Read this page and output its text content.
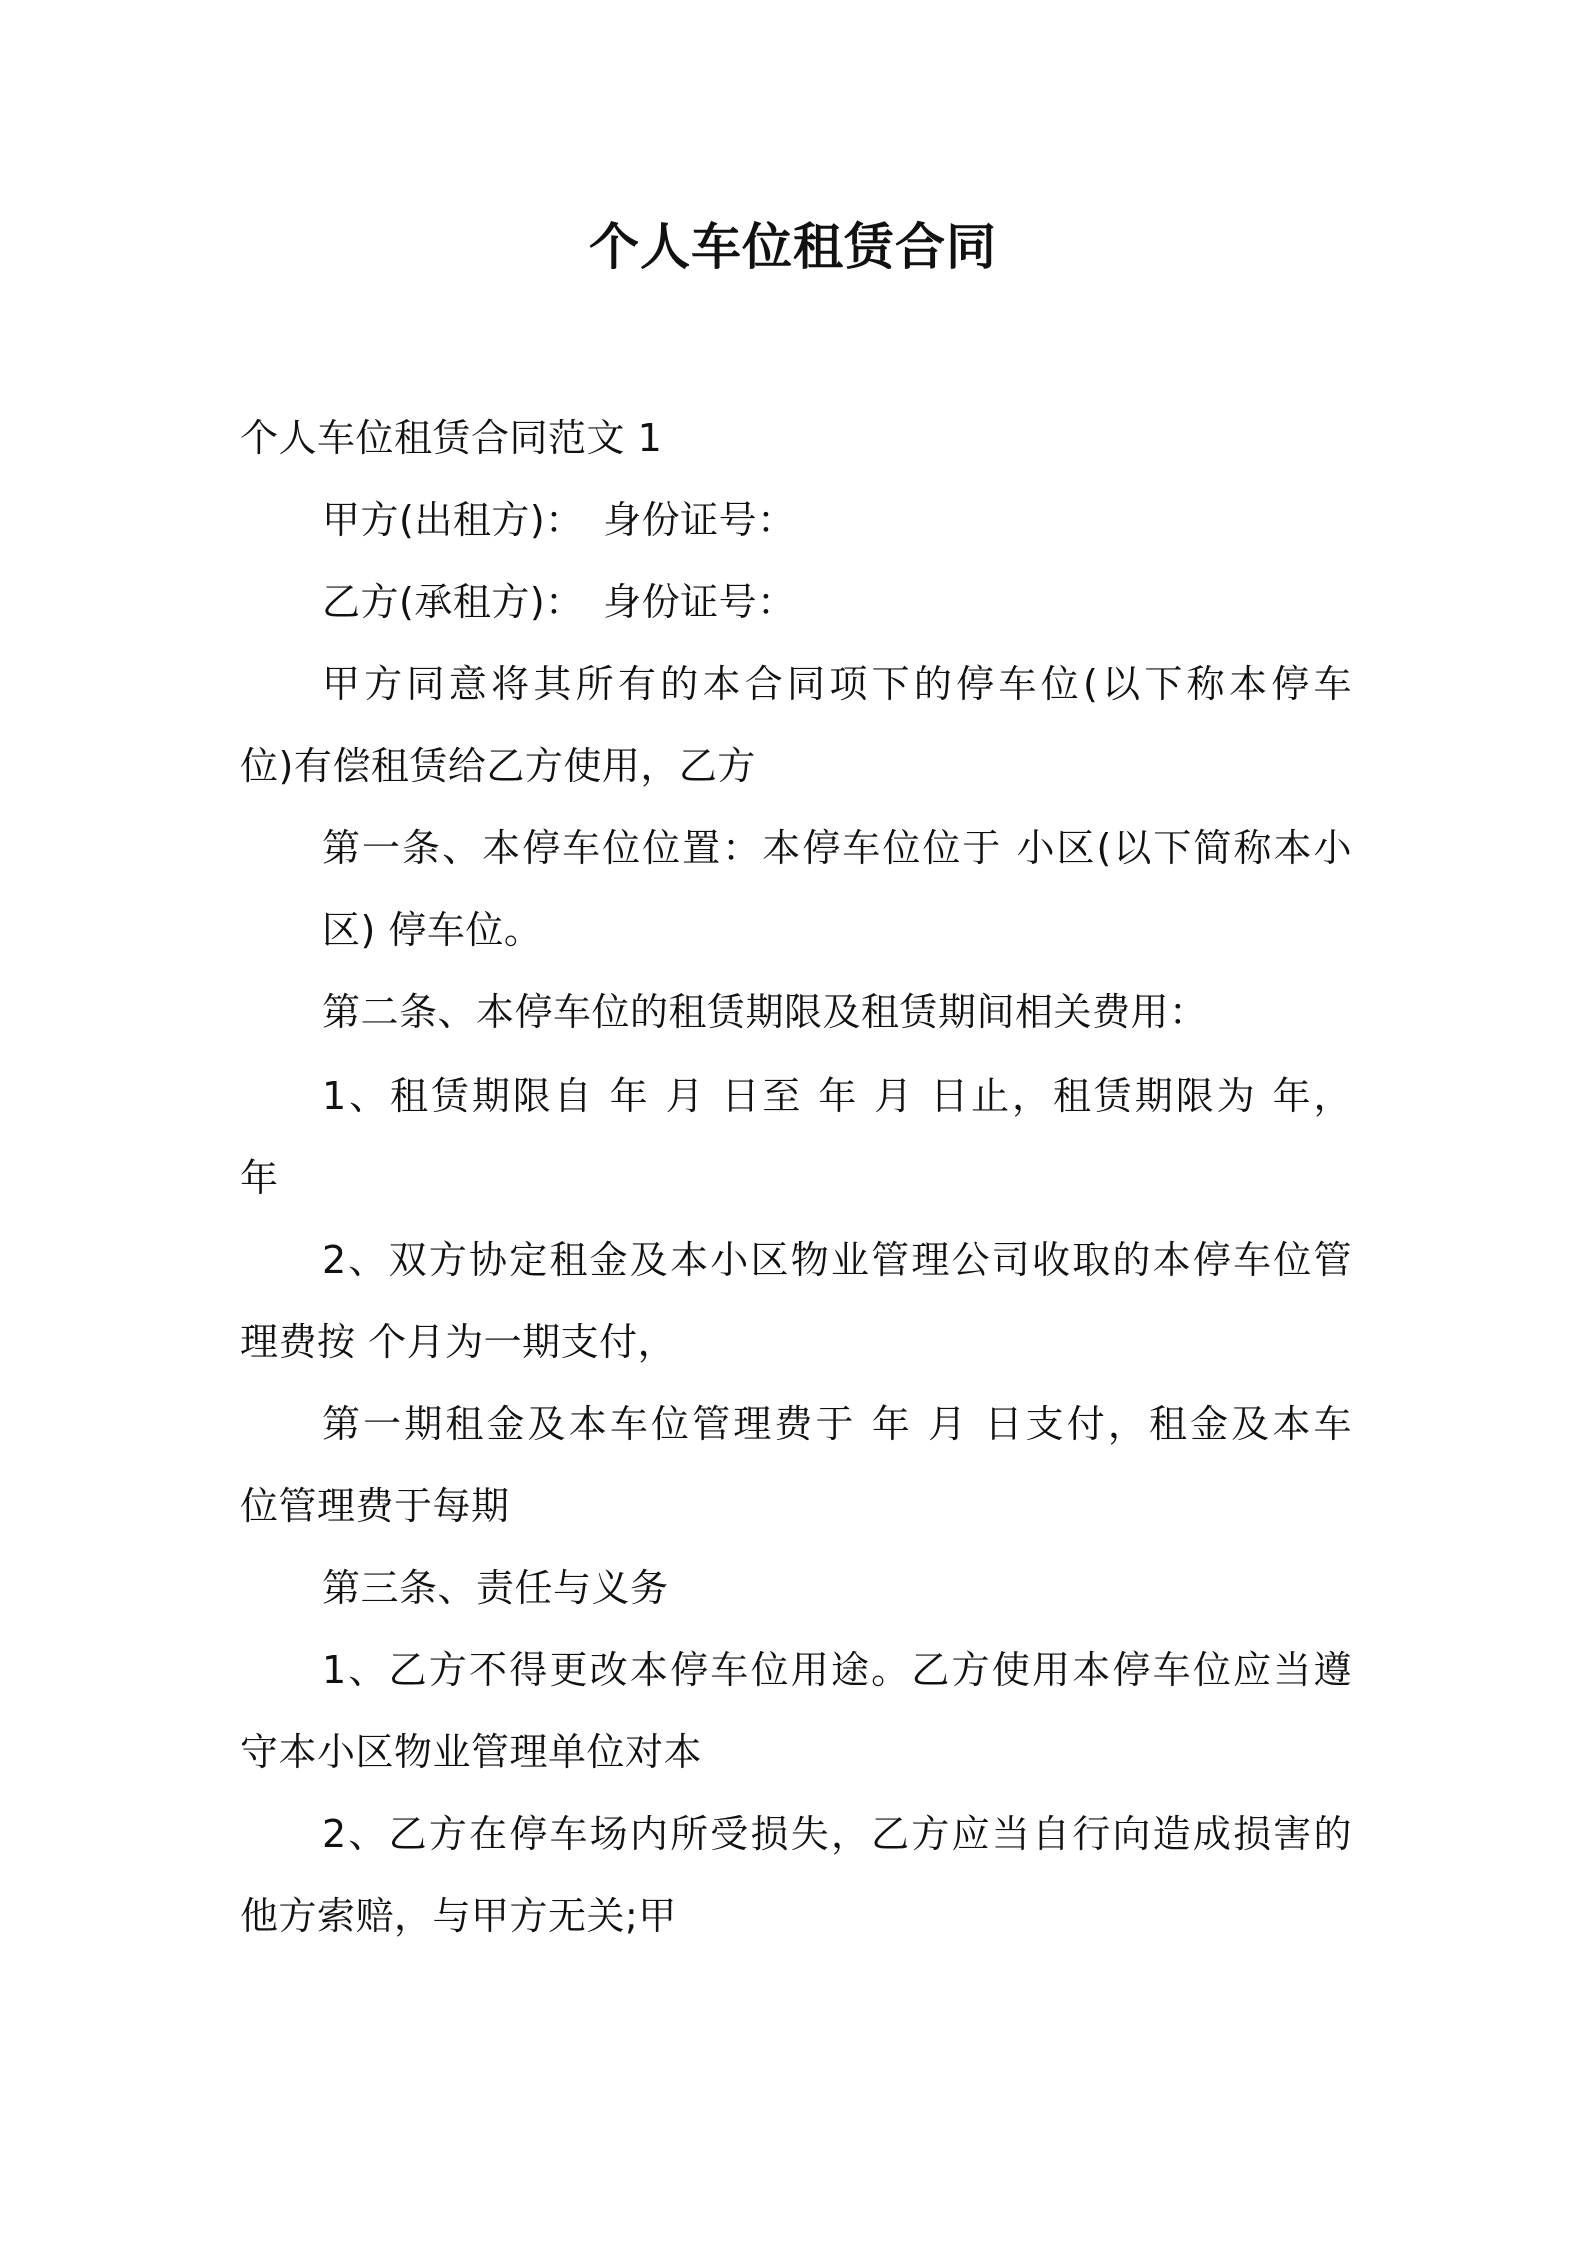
个人车位租赁合同
个人车位租赁合同范文 1
甲方(出租方)：　身份证号：
乙方(承租方)：　身份证号：
甲方同意将其所有的本合同项下的停车位(以下称本停车
位)有偿租赁给乙方使用，乙方
第一条、本停车位位置：本停车位位于 小区(以下简称本小
区) 停车位。
第二条、本停车位的租赁期限及租赁期间相关费用：
1、租赁期限自 年 月 日至 年 月 日止，租赁期限为 年，
年
2、双方协定租金及本小区物业管理公司收取的本停车位管
理费按 个月为一期支付，
第一期租金及本车位管理费于 年 月 日支付，租金及本车
位管理费于每期
第三条、责任与义务
1、乙方不得更改本停车位用途。乙方使用本停车位应当遵
守本小区物业管理单位对本
2、乙方在停车场内所受损失，乙方应当自行向造成损害的
他方索赔，与甲方无关;甲
